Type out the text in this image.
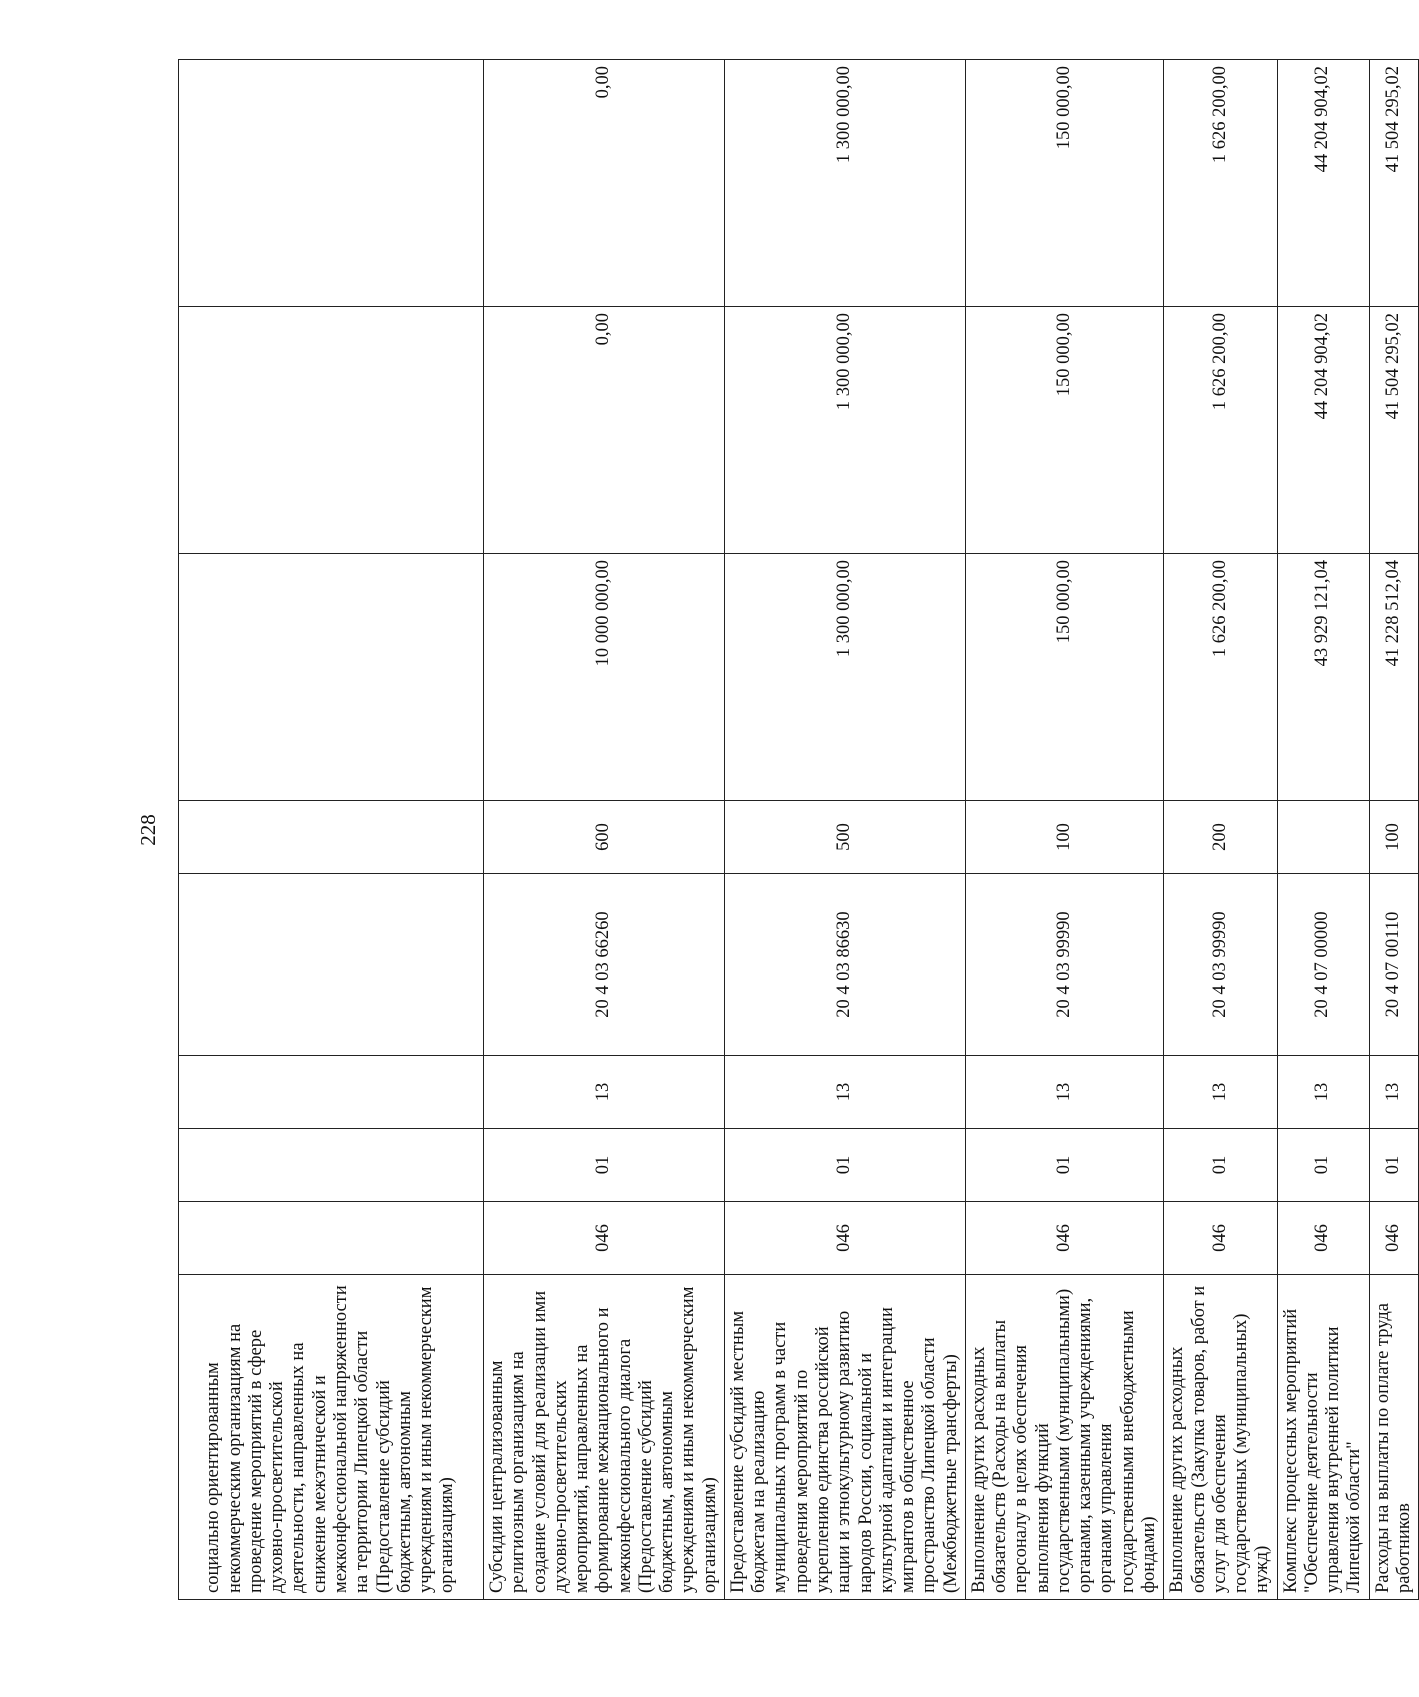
228
социально ориентированным некоммерческим организациям на проведение мероприятий в сфере духовно-просветительской деятельности, направленных на снижение межэтнической и межконфессиональной напряженности на территории Липецкой области (Предоставление субсидий бюджетным, автономным учреждениям и иным некоммерческим организациям)								
Субсидии централизованным религиозным организациям на создание условий для реализации ими духовно-просветительских мероприятий, направленных на формирование межнационального и межконфессионального диалога (Предоставление субсидий бюджетным, автономным учреждениям и иным некоммерческим организациям)	046	01	13	20 4 03 66260	600	10 000 000,00	0,00	0,00
Предоставление субсидий местным бюджетам на реализацию муниципальных программ в части проведения мероприятий по укреплению единства российской нации и этнокультурному развитию народов России, социальной и культурной адаптации и интеграции мигрантов в общественное пространство Липецкой области (Межбюджетные трансферты)	046	01	13	20 4 03 86630	500	1 300 000,00	1 300 000,00	1 300 000,00
Выполнение других расходных обязательств (Расходы на выплаты персоналу в целях обеспечения выполнения функций государственными (муниципальными) органами, казенными учреждениями, органами управления государственными внебюджетными фондами)	046	01	13	20 4 03 99990	100	150 000,00	150 000,00	150 000,00
Выполнение других расходных обязательств (Закупка товаров, работ и услуг для обеспечения государственных (муниципальных) нужд)	046	01	13	20 4 03 99990	200	1 626 200,00	1 626 200,00	1 626 200,00
Комплекс процессных мероприятий "Обеспечение деятельности управления внутренней политики Липецкой области"	046	01	13	20 4 07 00000		43 929 121,04	44 204 904,02	44 204 904,02
Расходы на выплаты по оплате труда работников	046	01	13	20 4 07 00110	100	41 228 512,04	41 504 295,02	41 504 295,02
